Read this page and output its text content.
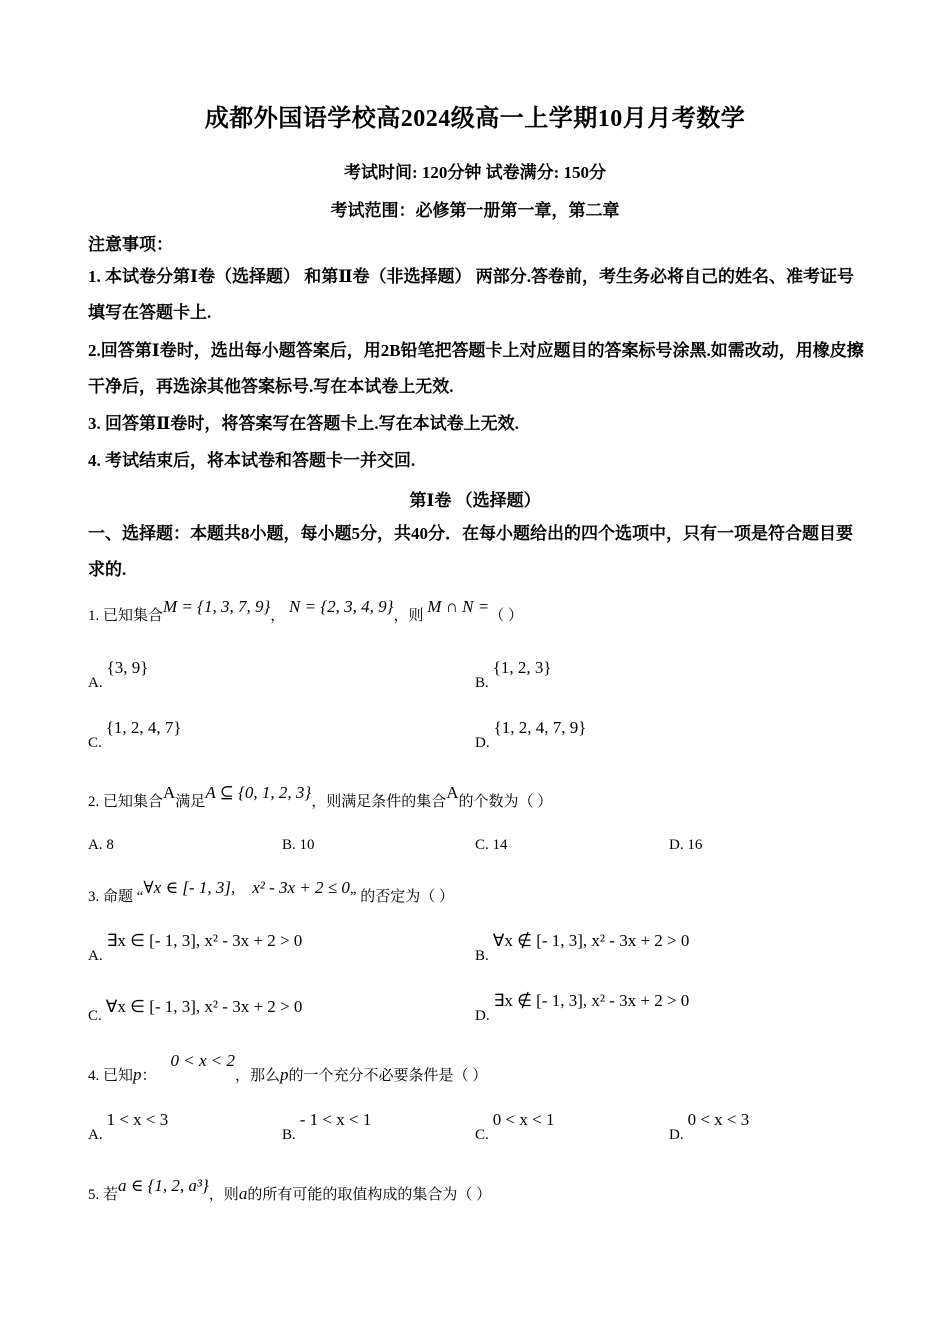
成都外国语学校高2024级高一上学期10月月考数学
考试时间: 120分钟 试卷满分: 150分
考试范围：必修第一册第一章，第二章
注意事项：
1. 本试卷分第Ⅰ卷（选择题） 和第Ⅱ卷（非选择题） 两部分.答卷前，考生务必将自己的姓名、准考证号填写在答题卡上.
2.回答第Ⅰ卷时，选出每小题答案后，用2B铅笔把答题卡上对应题目的答案标号涂黑.如需改动，用橡皮擦干净后，再选涂其他答案标号.写在本试卷上无效.
3. 回答第Ⅱ卷时，将答案写在答题卡上.写在本试卷上无效.
4. 考试结束后，将本试卷和答题卡一并交回.
第Ⅰ卷 （选择题）
一、选择题：本题共8小题，每小题5分，共40分．在每小题给出的四个选项中，只有一项是符合题目要求的.
1. 已知集合M = {1, 3, 7, 9}， N = {2, 3, 4, 9}，则 M ∩ N =（ ）
A.{3, 9}
B.{1, 2, 3}
C.{1, 2, 4, 7}
D.{1, 2, 4, 7, 9}
2. 已知集合A满足A ⊆ {0, 1, 2, 3}，则满足条件的集合A的个数为（ ）
A. 8	B. 10	C. 14	D. 16
3. 命题 “∀x ∈ [- 1, 3],    x² - 3x + 2 ≤ 0” 的否定为（ ）
A.∃x ∈ [- 1, 3], x² - 3x + 2 > 0
B.∀x ∉ [- 1, 3], x² - 3x + 2 > 0
C. ∀x ∈ [- 1, 3], x² - 3x + 2 > 0	D.∃x ∉ [- 1, 3], x² - 3x + 2 > 0
4. 已知p：0 < x < 2，那么p的一个充分不必要条件是（ ）
A.1 < x < 3
B.- 1 < x < 1
C.0 < x < 1
D.0 < x < 3
5. 若a ∈ {1, 2, a³}，则a的所有可能的取值构成的集合为（ ）
